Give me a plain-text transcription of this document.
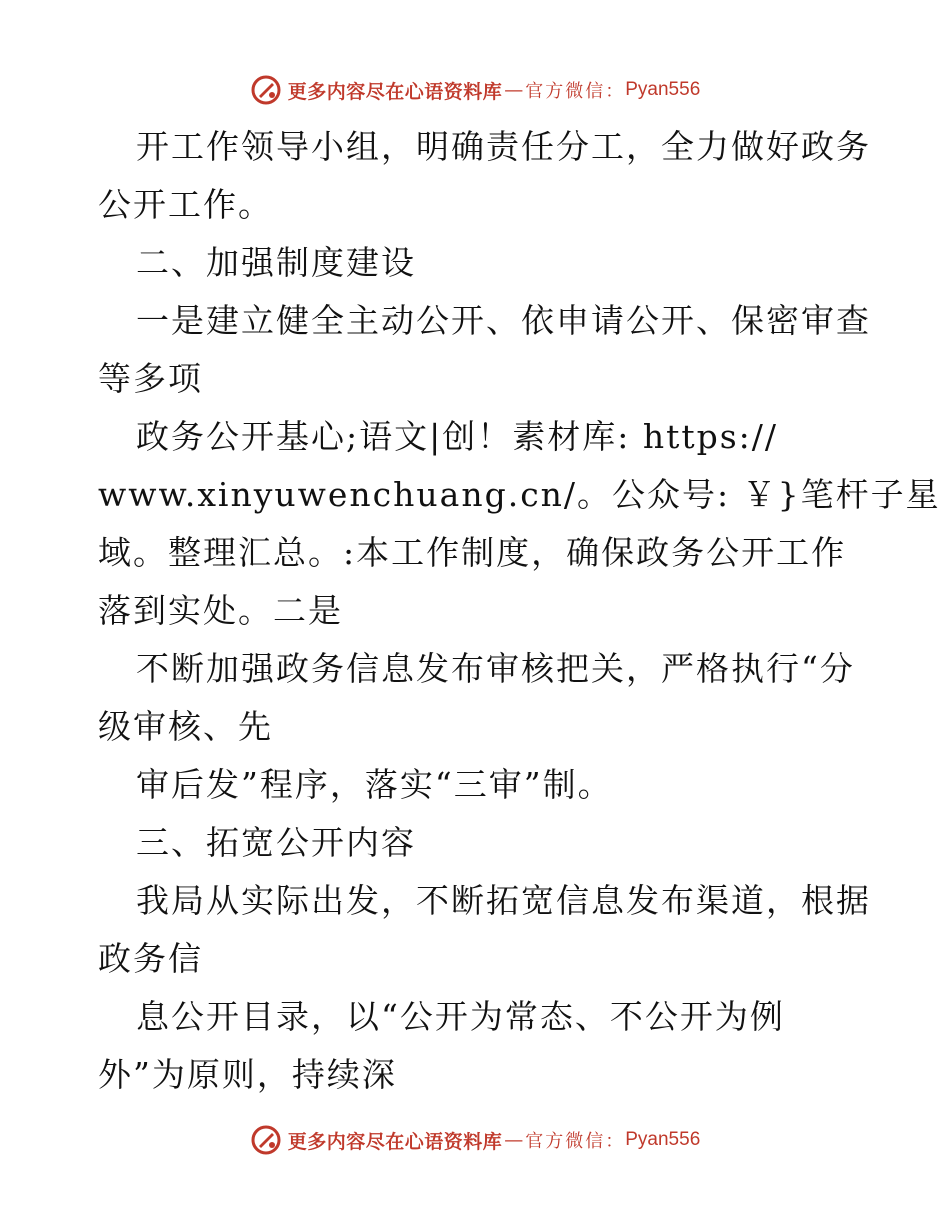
更多内容尽在心语资料库 — 官方微信： Pyan556
开工作领导小组，明确责任分工，全力做好政务
公开工作。
二、加强制度建设
一是建立健全主动公开、依申请公开、保密审查
等多项
政务公开基心;语文|创！素材库: https://
www.xinyuwenchuang.cn/。公众号: ￥}笔杆子星
域。整理汇总。:本工作制度，确保政务公开工作
落到实处。二是
不断加强政务信息发布审核把关，严格执行“分
级审核、先
审后发”程序，落实“三审”制。
三、拓宽公开内容
我局从实际出发，不断拓宽信息发布渠道，根据
政务信
息公开目录，以“公开为常态、不公开为例
外”为原则，持续深
更多内容尽在心语资料库 — 官方微信： Pyan556
